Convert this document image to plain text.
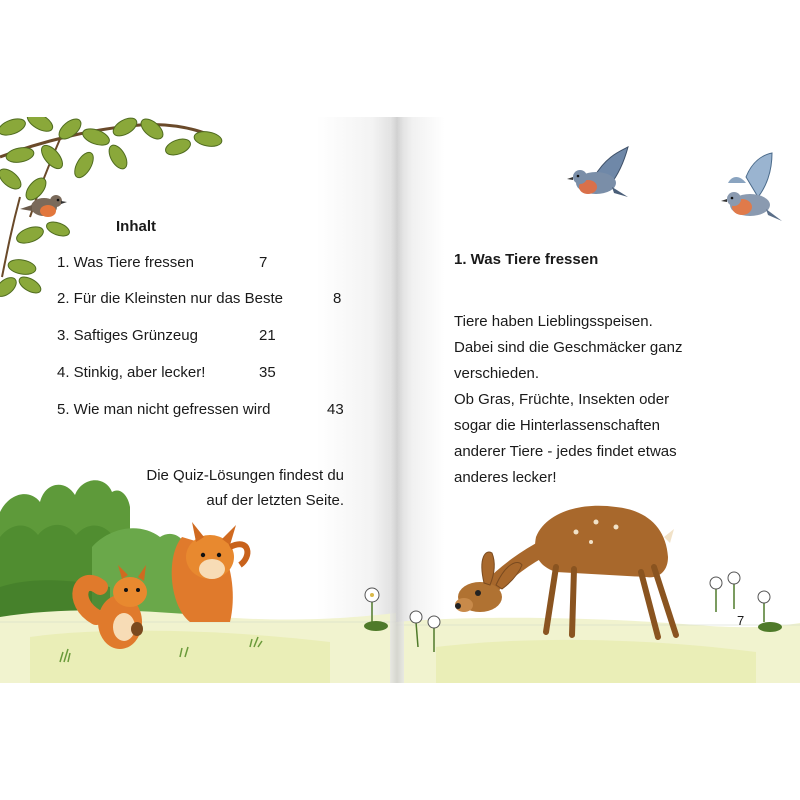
Inhalt
1. Was Tiere fressen	7
2. Für die Kleinsten nur das Beste	8
3. Saftiges Grünzeug	21
4. Stinkig, aber lecker!	35
5. Wie man nicht gefressen wird	43
Die Quiz-Lösungen findest du
auf der letzten Seite.
1. Was Tiere fressen
Tiere haben Lieblingsspeisen.
Dabei sind die Geschmäcker ganz
verschieden.
Ob Gras, Früchte, Insekten oder
sogar die Hinterlassenschaften
anderer Tiere - jedes findet etwas
anderes lecker!
7
